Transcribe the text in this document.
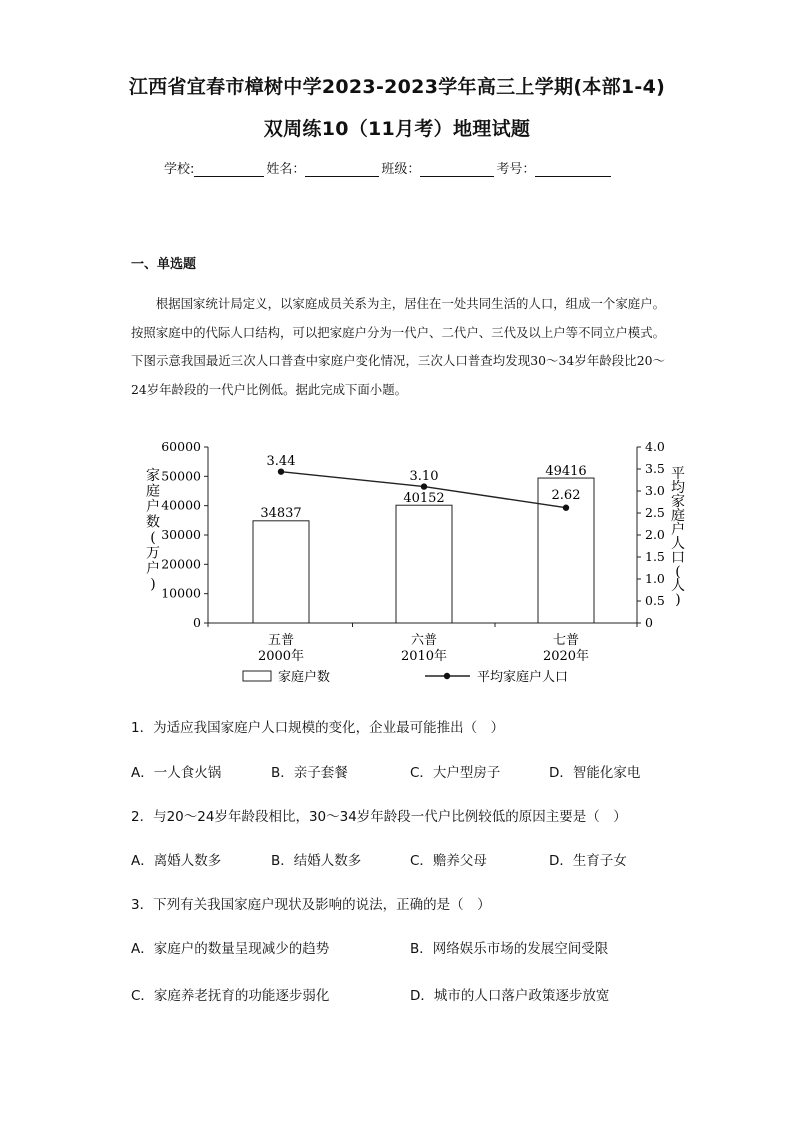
江西省宜春市樟树中学2023-2023学年高三上学期(本部1-4)
双周练10（11月考）地理试题
学校:	姓名：	班级：	考号：
一、单选题
根据国家统计局定义，以家庭成员关系为主，居住在一处共同生活的人口，组成一个家庭户。按照家庭中的代际人口结构，可以把家庭户分为一代户、二代户、三代及以上户等不同立户模式。下图示意我国最近三次人口普查中家庭户变化情况，三次人口普查均发现30～34岁年龄段比20～24岁年龄段的一代户比例低。据此完成下面小题。
0
10000
20000
30000
40000
50000
60000
0
0.5
1.0
1.5
2.0
2.5
3.0
3.5
4.0
34837
40152
49416
3.44
3.10
2.62
五普
2000年
六普
2010年
七普
2020年
家庭户数(万户)
平均家庭户人口(人)
家庭户数	平均家庭户人口
1．为适应我国家庭户人口规模的变化，企业最可能推出（　）
A．一人食火锅	B．亲子套餐	C．大户型房子	D．智能化家电
2．与20～24岁年龄段相比，30～34岁年龄段一代户比例较低的原因主要是（　）
A．离婚人数多	B．结婚人数多	C．赡养父母	D．生育子女
3．下列有关我国家庭户现状及影响的说法，正确的是（　）
A．家庭户的数量呈现减少的趋势	B．网络娱乐市场的发展空间受限
C．家庭养老抚育的功能逐步弱化	D．城市的人口落户政策逐步放宽
